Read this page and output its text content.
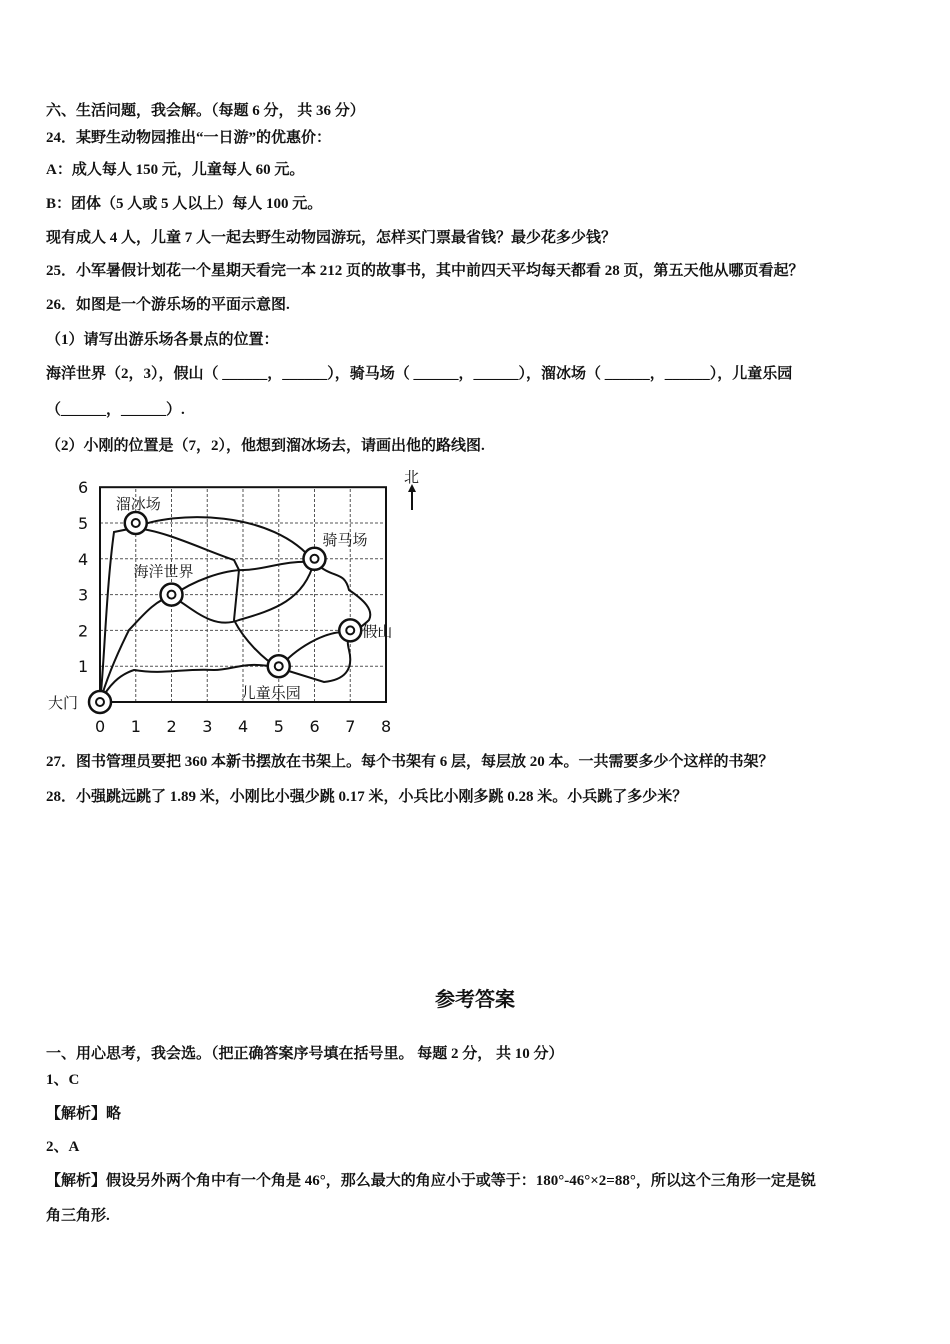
六、生活问题，我会解。（每题 6 分， 共 36 分）
24．某野生动物园推出“一日游”的优惠价：
A：成人每人 150 元，儿童每人 60 元。
B：团体（5 人或 5 人以上）每人 100 元。
现有成人 4 人，儿童 7 人一起去野生动物园游玩，怎样买门票最省钱？最少花多少钱？
25．小军暑假计划花一个星期天看完一本 212 页的故事书，其中前四天平均每天都看 28 页，第五天他从哪页看起？
26．如图是一个游乐场的平面示意图.
（1）请写出游乐场各景点的位置：
海洋世界（2，3），假山（ ______，______），骑马场（ ______，______），溜冰场（ ______，______），儿童乐园
（______，______）.
（2）小刚的位置是（7，2），他想到溜冰场去，请画出他的路线图.
0 1 2 3 4 5 6 7 8
1
2
3
4
5
6
溜冰场
骑马场
海洋世界
假山
儿童乐园
大门
北
27．图书管理员要把 360 本新书摆放在书架上。每个书架有 6 层，每层放 20 本。一共需要多少个这样的书架？
28．小强跳远跳了 1.89 米，小刚比小强少跳 0.17 米，小兵比小刚多跳 0.28 米。小兵跳了多少米？
参考答案
一、用心思考，我会选。（把正确答案序号填在括号里。 每题 2 分， 共 10 分）
1、C
【解析】略
2、A
【解析】假设另外两个角中有一个角是 46°，那么最大的角应小于或等于：180°-46°×2=88°，所以这个三角形一定是锐
角三角形.
